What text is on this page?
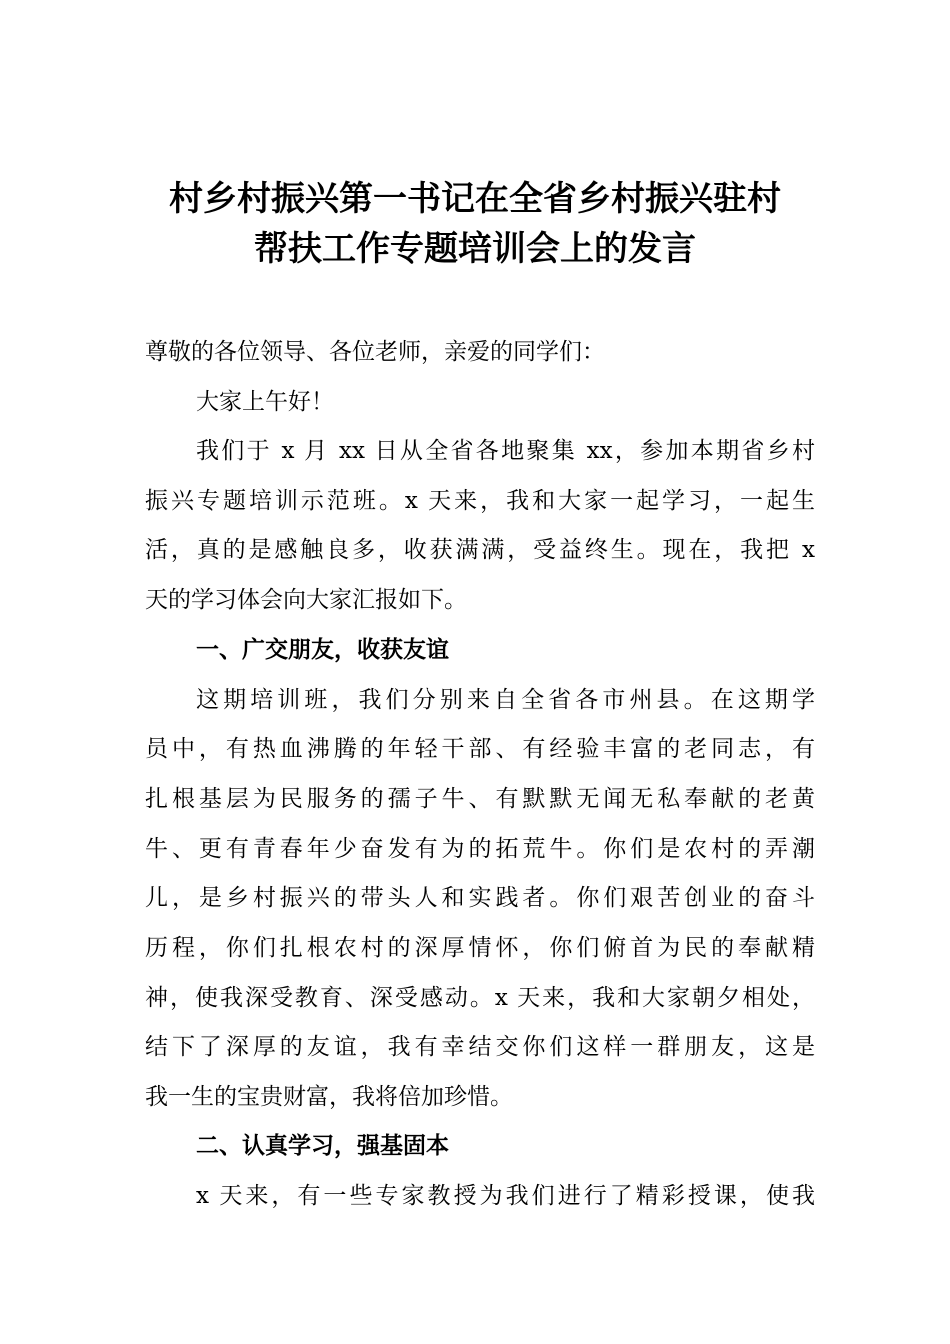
村乡村振兴第一书记在全省乡村振兴驻村
帮扶工作专题培训会上的发言
尊敬的各位领导、各位老师，亲爱的同学们：
大家上午好！
我们于 x 月 xx 日从全省各地聚集 xx，参加本期省乡村
振兴专题培训示范班。x 天来，我和大家一起学习，一起生
活，真的是感触良多，收获满满，受益终生。现在，我把 x
天的学习体会向大家汇报如下。
一、广交朋友，收获友谊
这期培训班，我们分别来自全省各市州县。在这期学
员中，有热血沸腾的年轻干部、有经验丰富的老同志，有
扎根基层为民服务的孺子牛、有默默无闻无私奉献的老黄
牛、更有青春年少奋发有为的拓荒牛。你们是农村的弄潮
儿，是乡村振兴的带头人和实践者。你们艰苦创业的奋斗
历程，你们扎根农村的深厚情怀，你们俯首为民的奉献精
神，使我深受教育、深受感动。x 天来，我和大家朝夕相处，
结下了深厚的友谊，我有幸结交你们这样一群朋友，这是
我一生的宝贵财富，我将倍加珍惜。
二、认真学习，强基固本
x 天来，有一些专家教授为我们进行了精彩授课，使我
